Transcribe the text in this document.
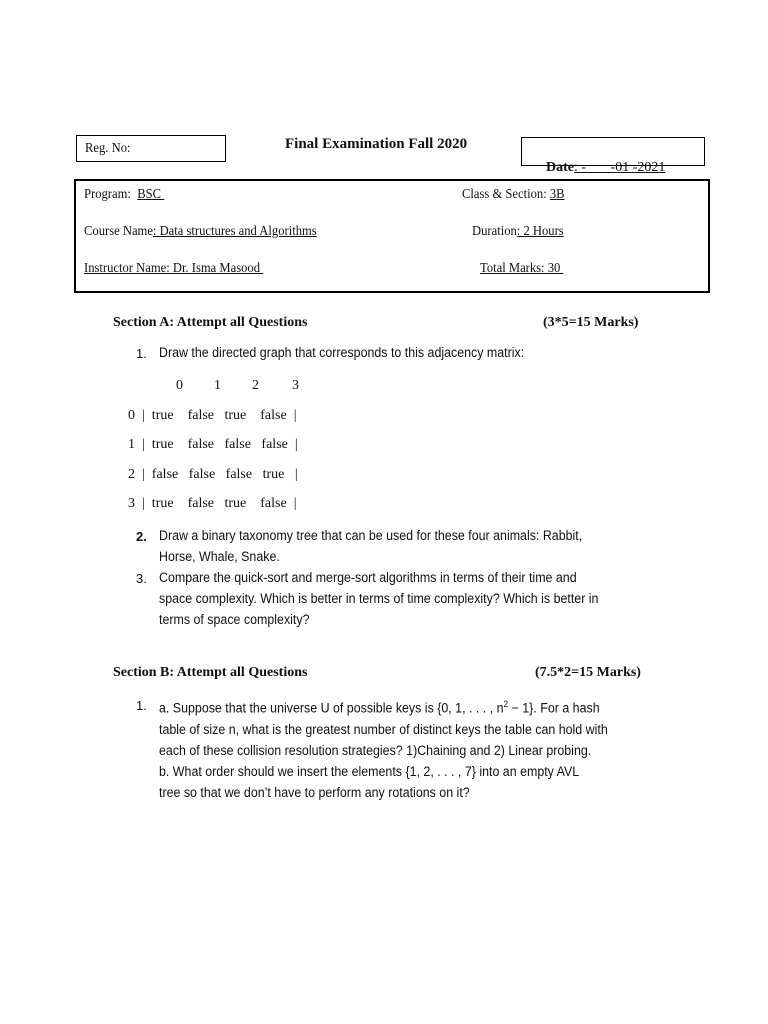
Reg. No:	Final Examination Fall 2020

Date: -       -01 -2021

Program:  BSC	Class & Section: 3B
Course Name: Data structures and Algorithms	Duration: 2 Hours
Instructor Name: Dr. Isma Masood	Total Marks: 30
Section A: Attempt all Questions	(3*5=15 Marks)
1. Draw the directed graph that corresponds to this adjacency matrix:
0 1 2 3
0  |  true    false   true    false  |
1  |  true    false   false   false  |
2  |  false   false   false   true   |
3  |  true    false   true    false  |
2. Draw a binary taxonomy tree that can be used for these four animals: Rabbit,
Horse, Whale, Snake.
3. Compare the quick-sort and merge-sort algorithms in terms of their time and
space complexity. Which is better in terms of time complexity? Which is better in
terms of space complexity?
Section B: Attempt all Questions	(7.5*2=15 Marks)
1. a. Suppose that the universe U of possible keys is {0, 1, . . . , $n^2 - 1$}. For a hash
table of size n, what is the greatest number of distinct keys the table can hold with
each of these collision resolution strategies? 1)Chaining and 2) Linear probing.
b. What order should we insert the elements {1, 2, . . . , 7} into an empty AVL
tree so that we don’t have to perform any rotations on it?
